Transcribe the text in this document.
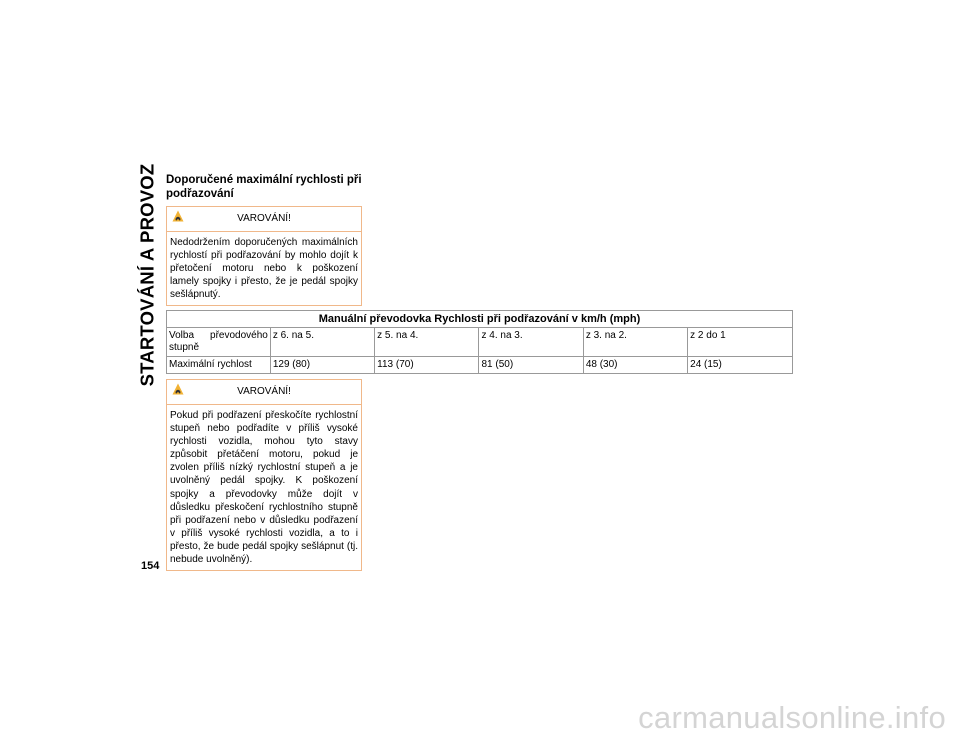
STARTOVÁNÍ A PROVOZ
154
Doporučené maximální rychlosti při podřazování
VAROVÁNÍ!
Nedodržením doporučených maximálních rychlostí při podřazování by mohlo dojít k přetočení motoru nebo k poškození lamely spojky i přesto, že je pedál spojky sešlápnutý.
Manuální převodovka Rychlosti při podřazování v km/h (mph)
Volba převodového stupně	z 6. na 5.	z 5. na 4.	z 4. na 3.	z 3. na 2.	z 2 do 1
Maximální rychlost	129 (80)	113 (70)	81 (50)	48 (30)	24 (15)
VAROVÁNÍ!
Pokud při podřazení přeskočíte rychlostní stupeň nebo podřadíte v příliš vysoké rychlosti vozidla, mohou tyto stavy způsobit přetáčení motoru, pokud je zvolen příliš nízký rychlostní stupeň a je uvolněný pedál spojky. K poškození spojky a převodovky může dojít v důsledku přeskočení rychlostního stupně při podřazení nebo v důsledku podřazení v příliš vysoké rychlosti vozidla, a to i přesto, že bude pedál spojky sešlápnut (tj. nebude uvolněný).
carmanualsonline.info
